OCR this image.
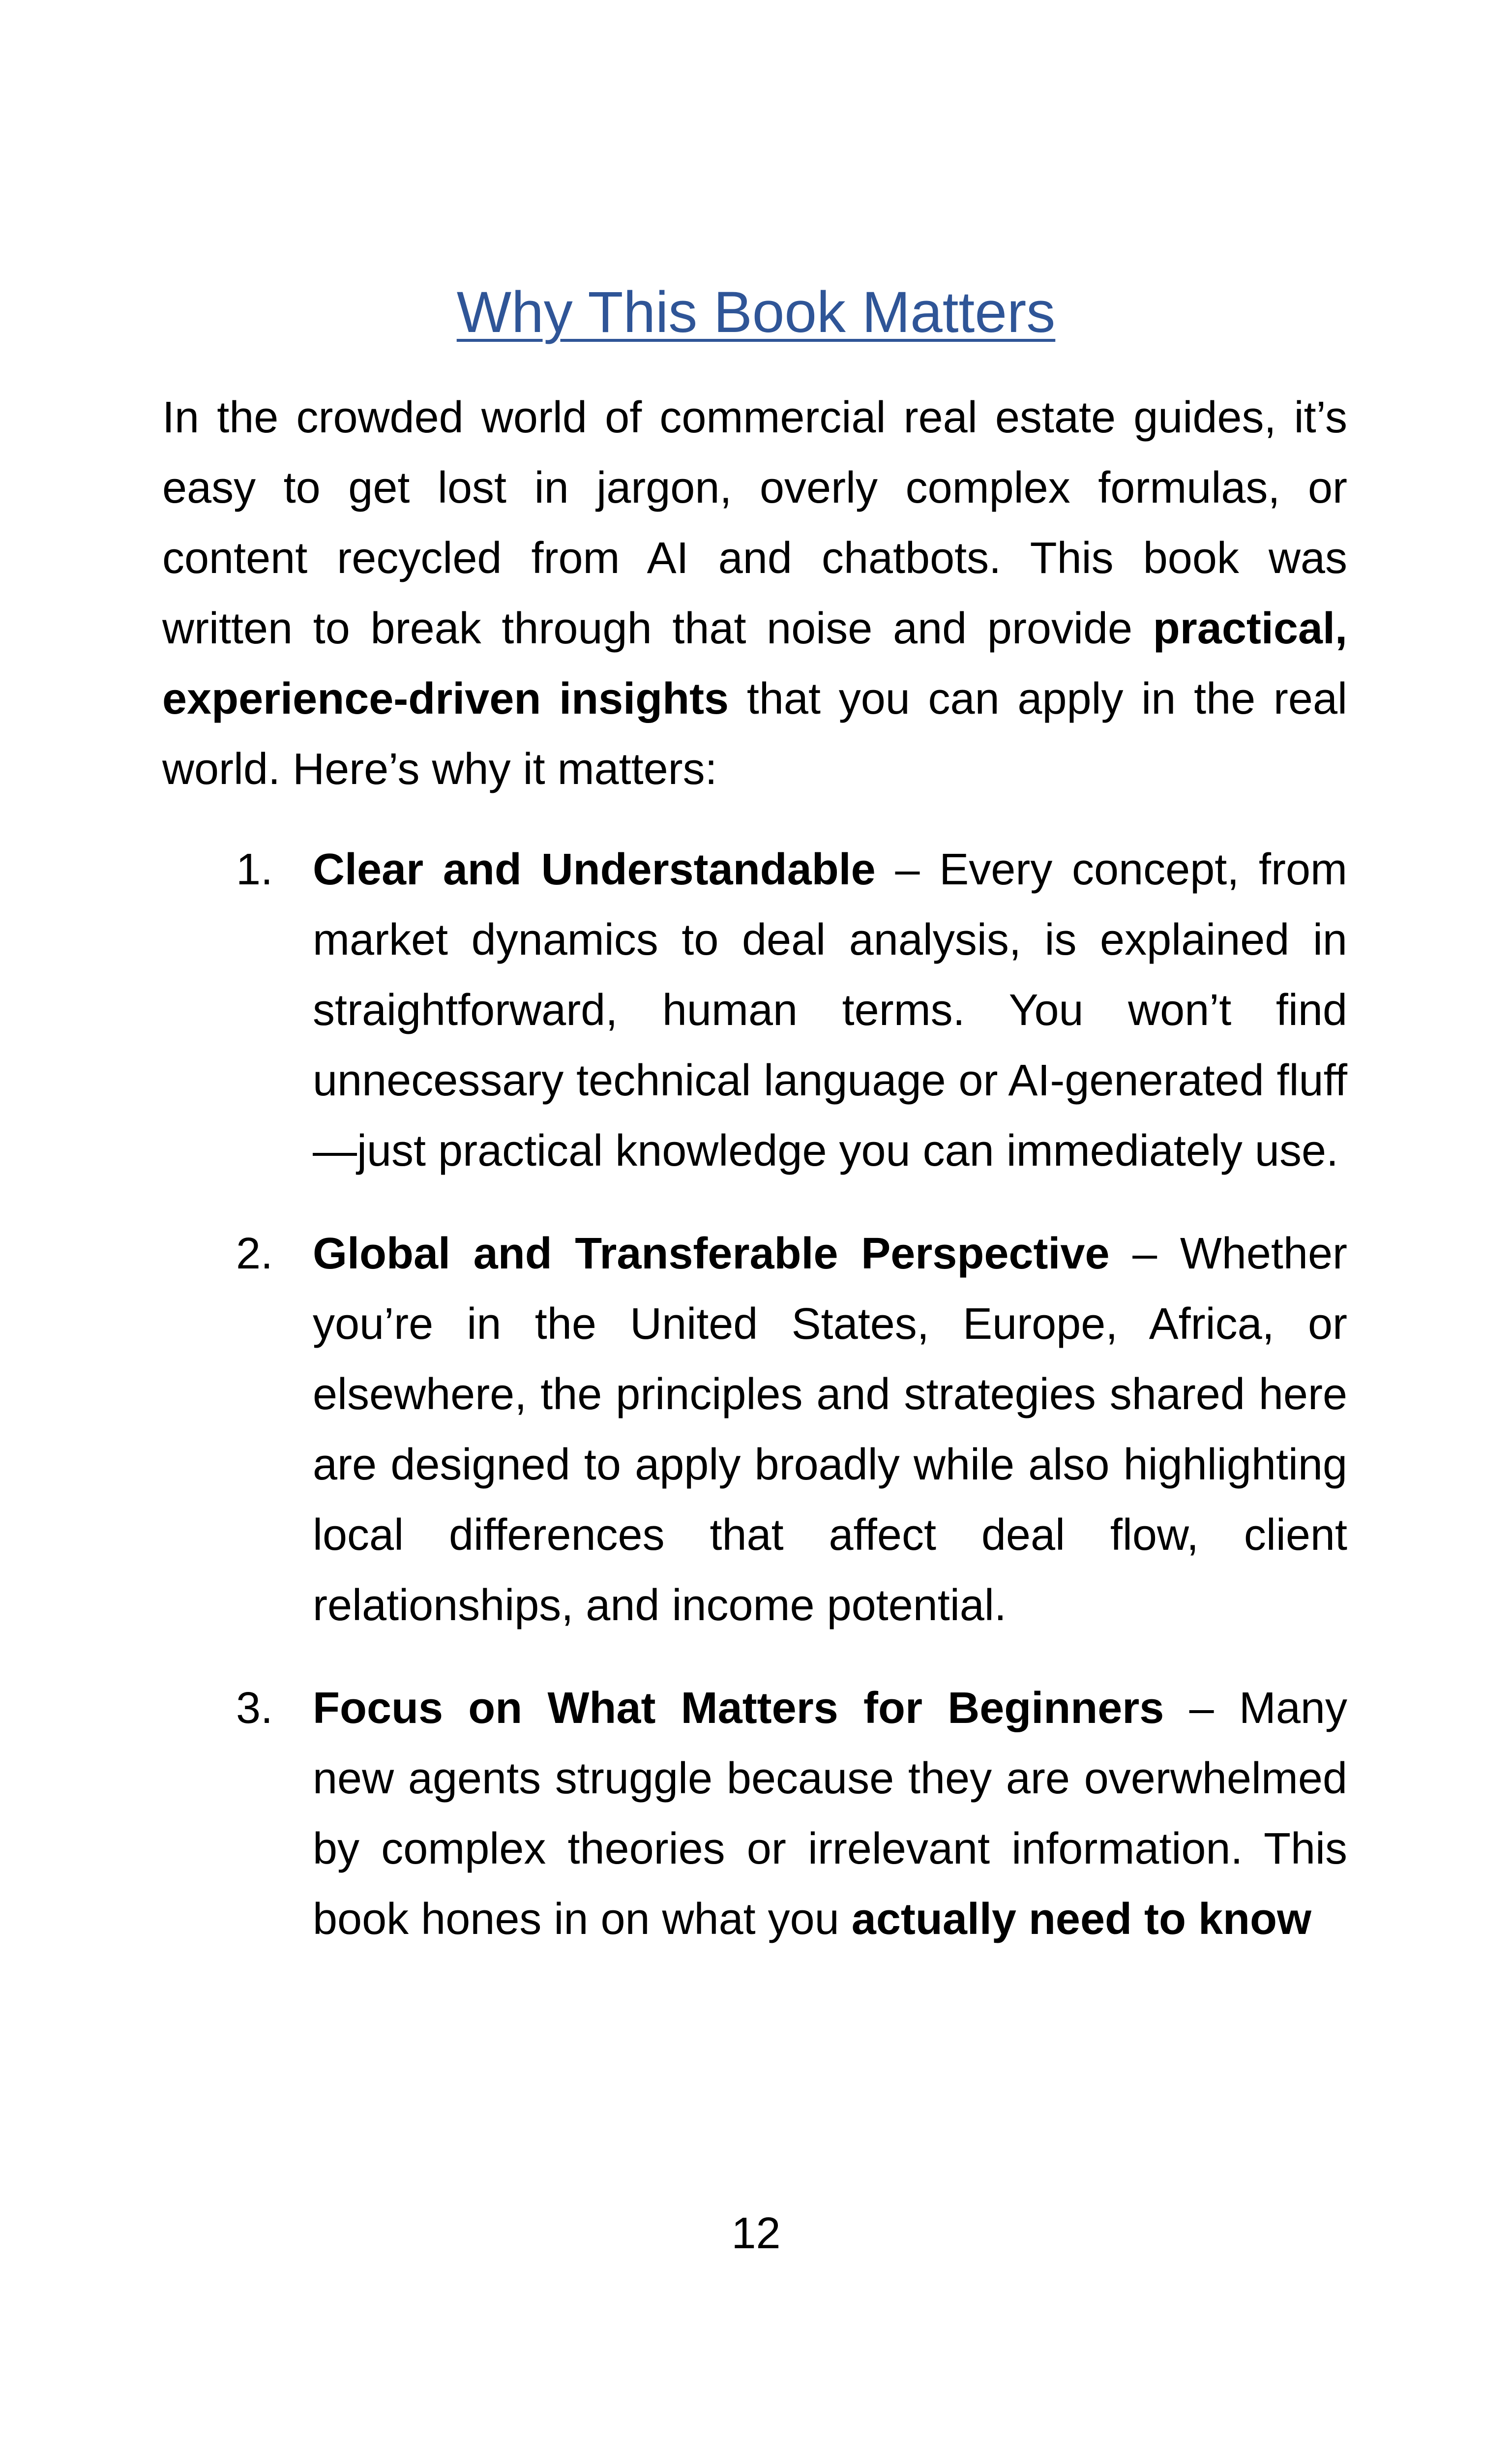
Why This Book Matters

In the crowded world of commercial real estate guides, it’s easy to get lost in jargon, overly complex formulas, or content recycled from AI and chatbots. This book was written to break through that noise and provide practical, experience-driven insights that you can apply in the real world. Here’s why it matters:

1. Clear and Understandable – Every concept, from market dynamics to deal analysis, is explained in straightforward, human terms. You won’t find unnecessary technical language or AI-generated fluff—just practical knowledge you can immediately use.
2. Global and Transferable Perspective – Whether you’re in the United States, Europe, Africa, or elsewhere, the principles and strategies shared here are designed to apply broadly while also highlighting local differences that affect deal flow, client relationships, and income potential.
3. Focus on What Matters for Beginners – Many new agents struggle because they are overwhelmed by complex theories or irrelevant information. This book hones in on what you actually need to know
12
